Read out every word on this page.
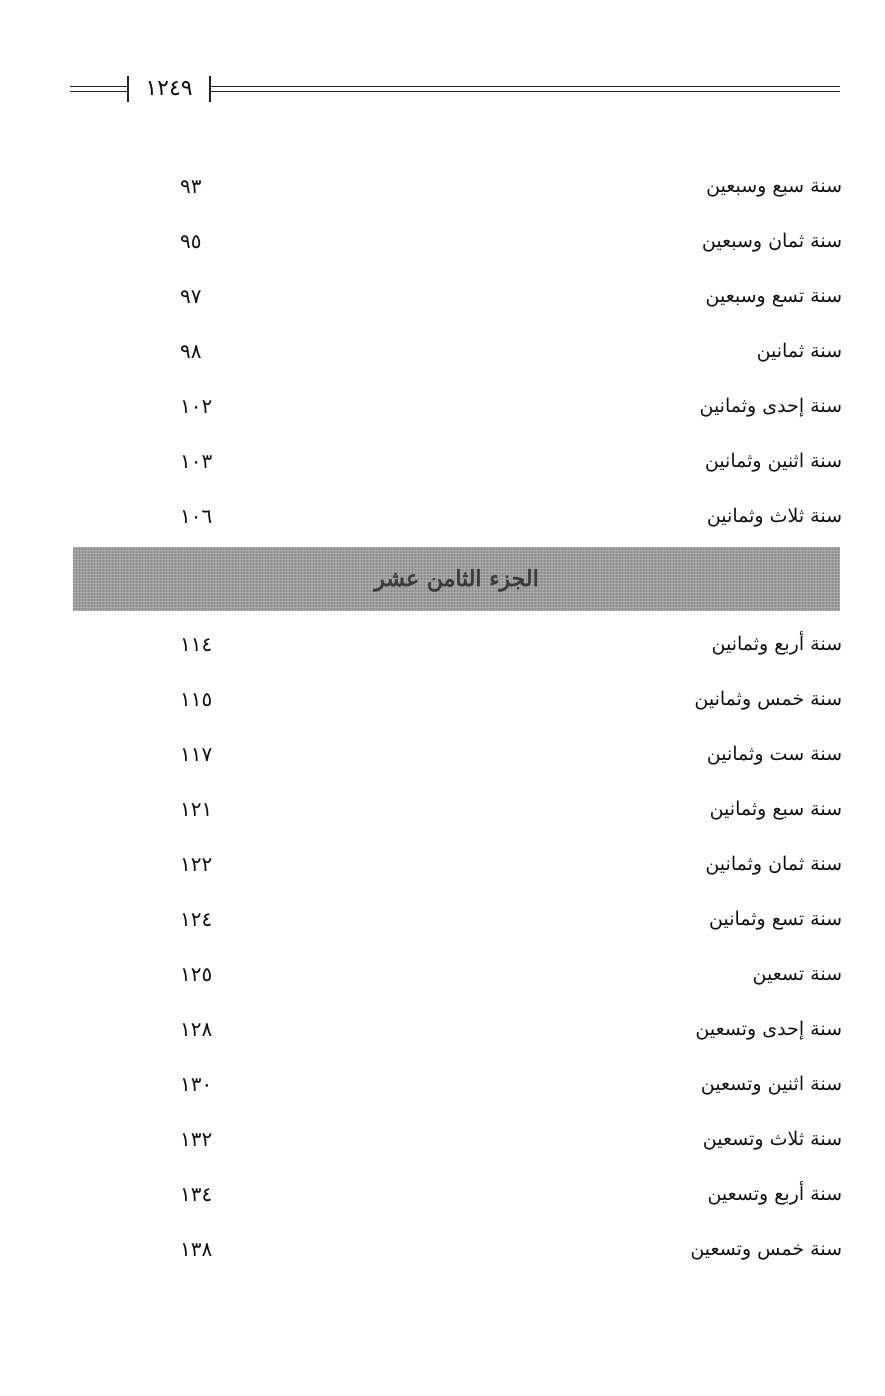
١٢٤٩
سنة سبع وسبعين
٩٣
سنة ثمان وسبعين
٩٥
سنة تسع وسبعين
٩٧
سنة ثمانين
٩٨
سنة إحدى وثمانين
١٠٢
سنة اثنين وثمانين
١٠٣
سنة ثلاث وثمانين
١٠٦
الجزء الثامن عشر
سنة أربع وثمانين
١١٤
سنة خمس وثمانين
١١٥
سنة ست وثمانين
١١٧
سنة سبع وثمانين
١٢١
سنة ثمان وثمانين
١٢٢
سنة تسع وثمانين
١٢٤
سنة تسعين
١٢٥
سنة إحدى وتسعين
١٢٨
سنة اثنين وتسعين
١٣٠
سنة ثلاث وتسعين
١٣٢
سنة أربع وتسعين
١٣٤
سنة خمس وتسعين
١٣٨
